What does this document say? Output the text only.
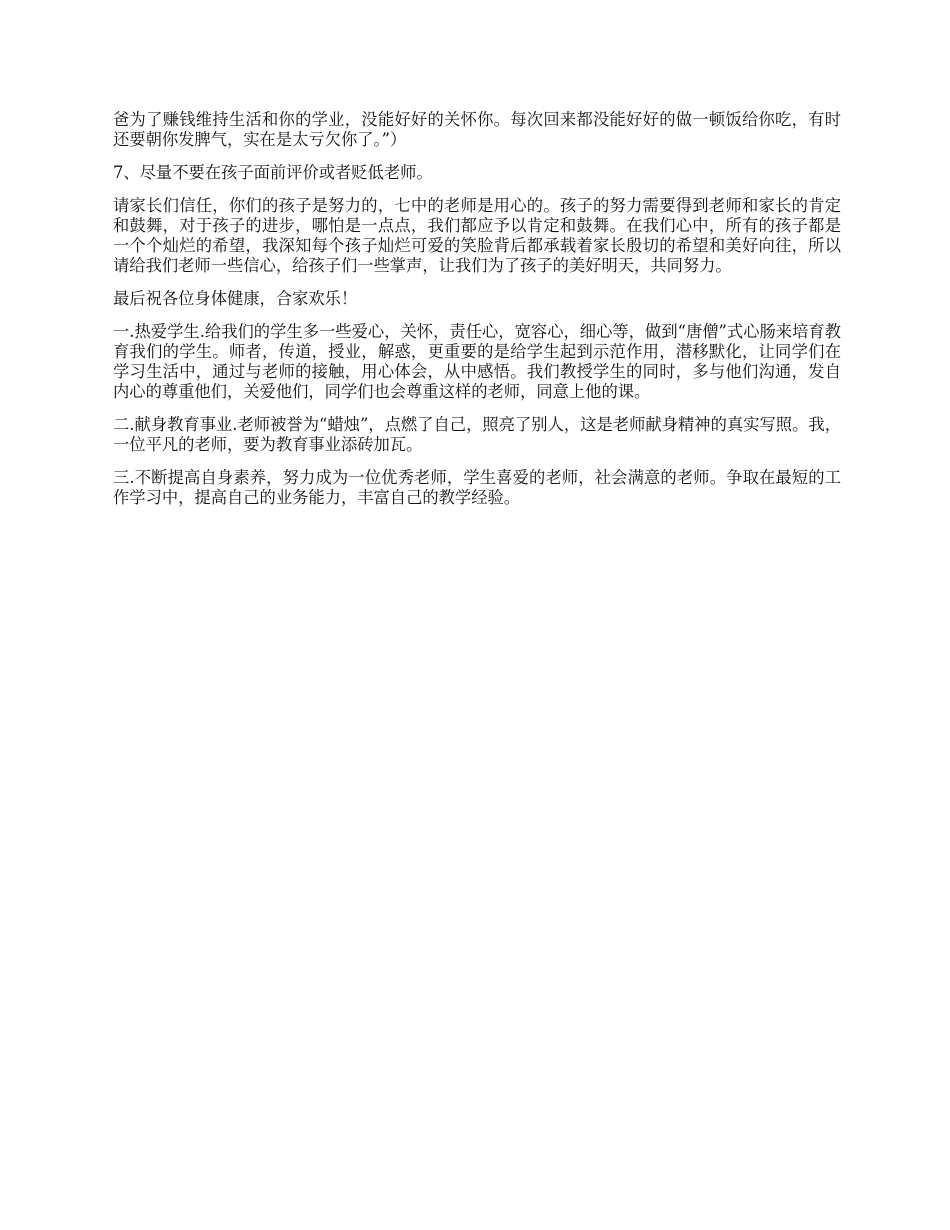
爸为了赚钱维持生活和你的学业，没能好好的关怀你。每次回来都没能好好的做一顿饭给你吃，有时还要朝你发脾气，实在是太亏欠你了。”）

7、尽量不要在孩子面前评价或者贬低老师。

请家长们信任，你们的孩子是努力的，七中的老师是用心的。孩子的努力需要得到老师和家长的肯定和鼓舞，对于孩子的进步，哪怕是一点点，我们都应予以肯定和鼓舞。在我们心中，所有的孩子都是一个个灿烂的希望，我深知每个孩子灿烂可爱的笑脸背后都承载着家长殷切的希望和美好向往，所以请给我们老师一些信心，给孩子们一些掌声，让我们为了孩子的美好明天，共同努力。

最后祝各位身体健康，合家欢乐！

一.热爱学生.给我们的学生多一些爱心，关怀，责任心，宽容心，细心等，做到“唐僧”式心肠来培育教育我们的学生。师者，传道，授业，解惑，更重要的是给学生起到示范作用，潜移默化，让同学们在学习生活中，通过与老师的接触，用心体会，从中感悟。我们教授学生的同时，多与他们沟通，发自内心的尊重他们，关爱他们，同学们也会尊重这样的老师，同意上他的课。

二.献身教育事业.老师被誉为“蜡烛”，点燃了自己，照亮了别人，这是老师献身精神的真实写照。我，一位平凡的老师，要为教育事业添砖加瓦。

三.不断提高自身素养，努力成为一位优秀老师，学生喜爱的老师，社会满意的老师。争取在最短的工作学习中，提高自己的业务能力，丰富自己的教学经验。
